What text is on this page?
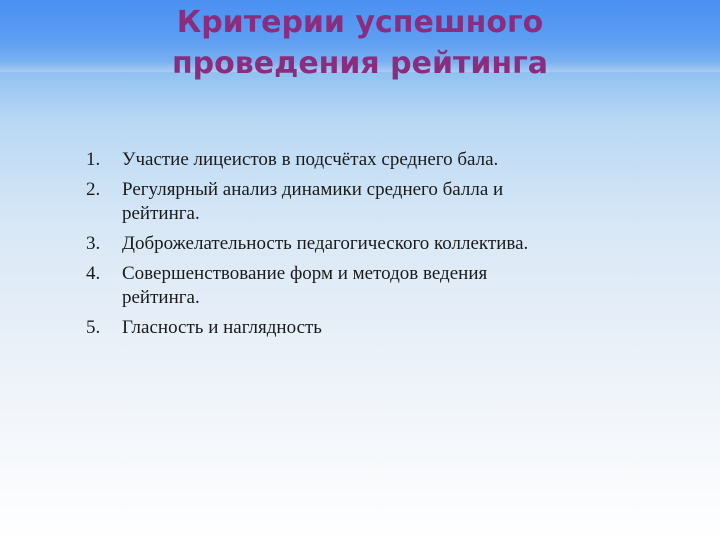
Критерии успешного
проведения рейтинга
1. Участие лицеистов в подсчётах среднего бала.
2. Регулярный анализ динамики среднего балла и рейтинга.
3. Доброжелательность педагогического коллектива.
4. Совершенствование форм и методов ведения рейтинга.
5. Гласность и наглядность
